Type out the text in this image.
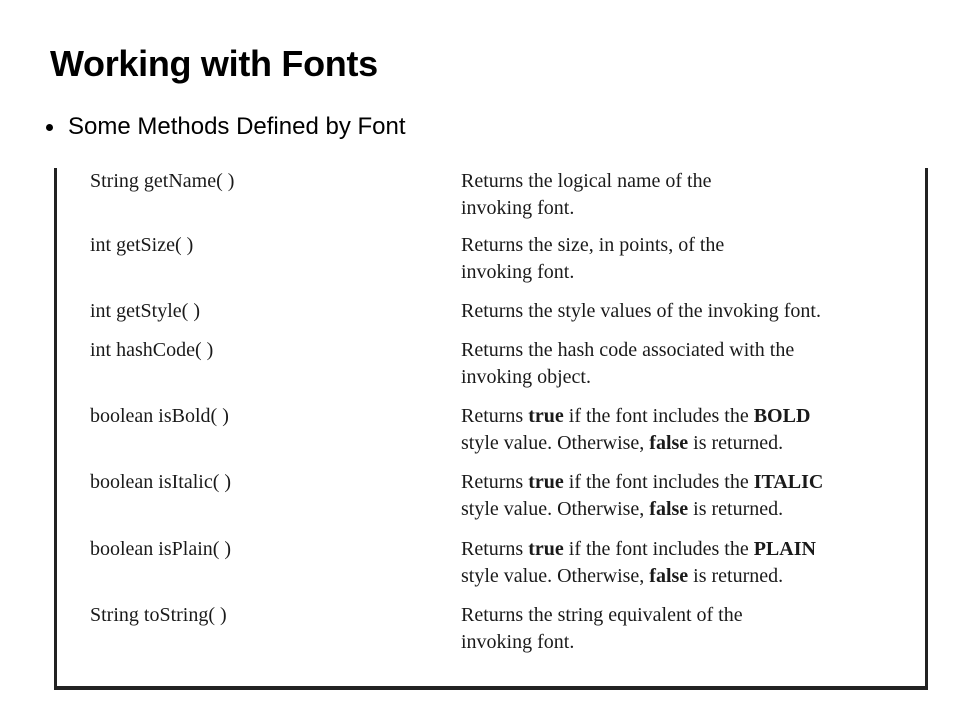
Working with Fonts
Some Methods Defined by Font
String getName( )	Returns the logical name of the
invoking font.
int getSize( )	Returns the size, in points, of the
invoking font.
int getStyle( )	Returns the style values of the invoking font.
int hashCode( )	Returns the hash code associated with the
invoking object.
boolean isBold( )	Returns true if the font includes the BOLD
style value. Otherwise, false is returned.
boolean isItalic( )	Returns true if the font includes the ITALIC
style value. Otherwise, false is returned.
boolean isPlain( )	Returns true if the font includes the PLAIN
style value. Otherwise, false is returned.
String toString( )	Returns the string equivalent of the
invoking font.
